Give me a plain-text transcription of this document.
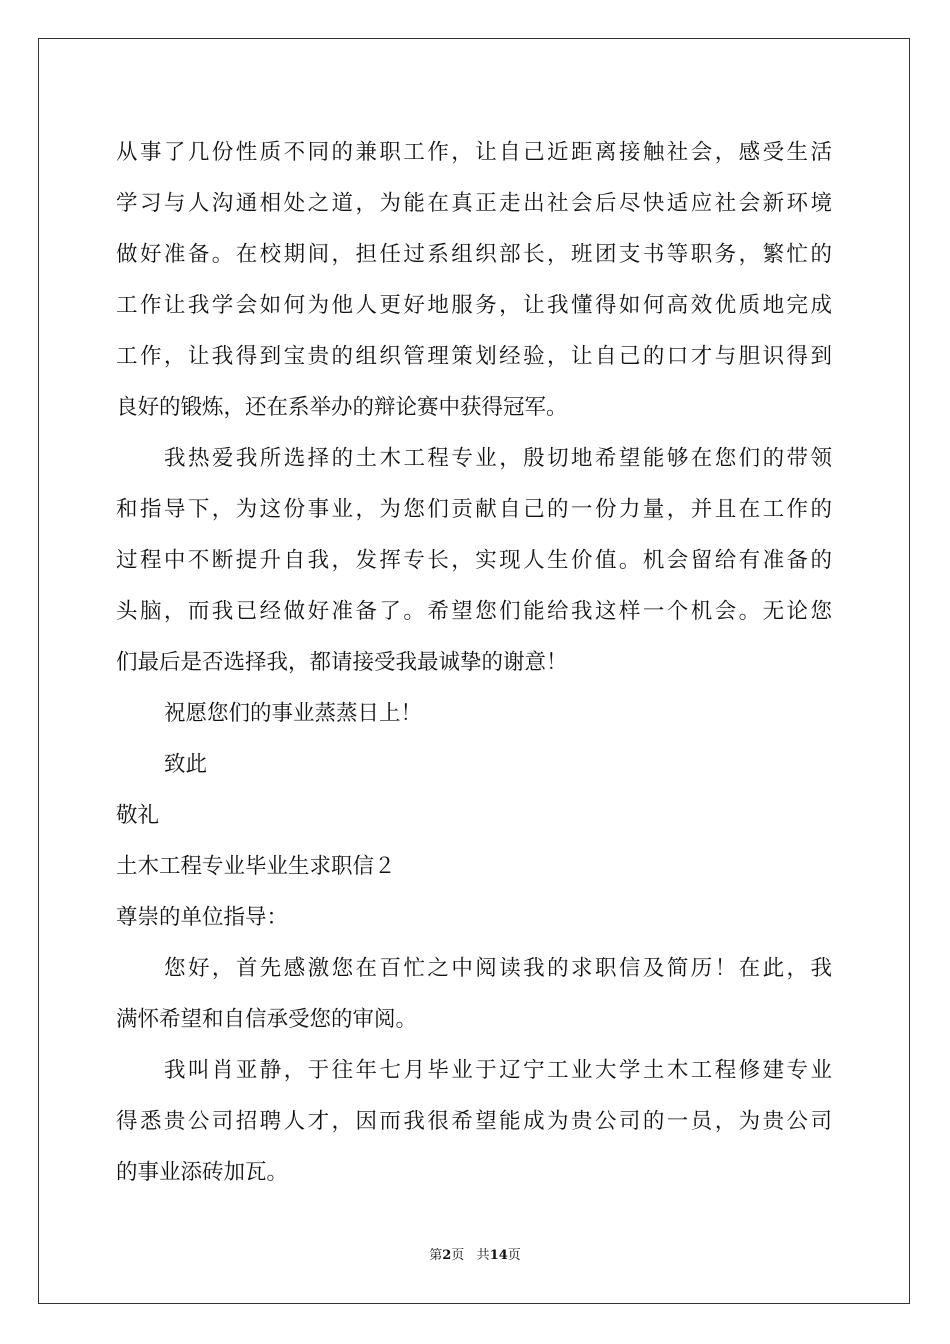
从事了几份性质不同的兼职工作，让自己近距离接触社会，感受生活
学习与人沟通相处之道，为能在真正走出社会后尽快适应社会新环境
做好准备。在校期间，担任过系组织部长，班团支书等职务，繁忙的
工作让我学会如何为他人更好地服务，让我懂得如何高效优质地完成
工作，让我得到宝贵的组织管理策划经验，让自己的口才与胆识得到
良好的锻炼，还在系举办的辩论赛中获得冠军。
我热爱我所选择的土木工程专业，殷切地希望能够在您们的带领
和指导下，为这份事业，为您们贡献自己的一份力量，并且在工作的
过程中不断提升自我，发挥专长，实现人生价值。机会留给有准备的
头脑，而我已经做好准备了。希望您们能给我这样一个机会。无论您
们最后是否选择我，都请接受我最诚挚的谢意！
祝愿您们的事业蒸蒸日上！
致此
敬礼
土木工程专业毕业生求职信２
尊崇的单位指导：
您好，首先感激您在百忙之中阅读我的求职信及简历！在此，我
满怀希望和自信承受您的审阅。
我叫肖亚静，于往年七月毕业于辽宁工业大学土木工程修建专业
得悉贵公司招聘人才，因而我很希望能成为贵公司的一员，为贵公司
的事业添砖加瓦。
第2页 共14页
